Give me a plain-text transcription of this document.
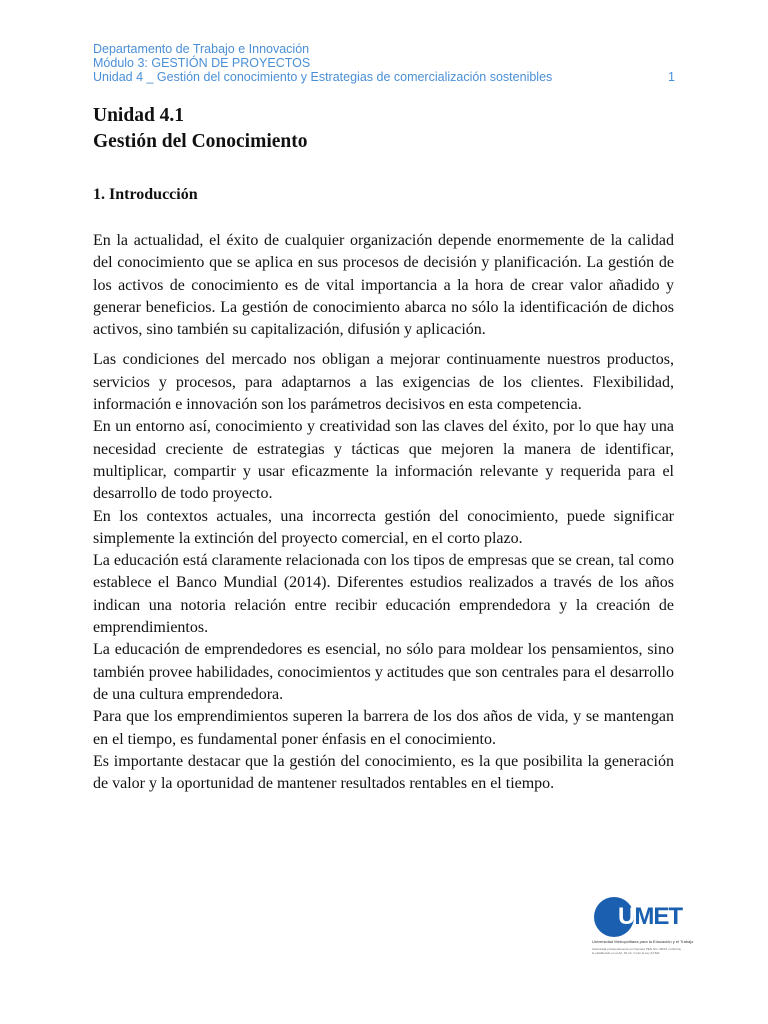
Departamento de Trabajo e Innovación
Módulo 3: GESTIÓN DE PROYECTOS
Unidad 4 _ Gestión del conocimiento y Estrategias de comercialización sostenibles	1
Unidad 4.1
Gestión del Conocimiento
1. Introducción

En la actualidad, el éxito de cualquier organización depende enormemente de la calidad del conocimiento que se aplica en sus procesos de decisión y planificación. La gestión de los activos de conocimiento es de vital importancia a la hora de crear valor añadido y generar beneficios. La gestión de conocimiento abarca no sólo la identificación de dichos activos, sino también su capitalización, difusión y aplicación.

Las condiciones del mercado nos obligan a mejorar continuamente nuestros productos, servicios y procesos, para adaptarnos a las exigencias de los clientes. Flexibilidad, información e innovación son los parámetros decisivos en esta competencia.

En un entorno así, conocimiento y creatividad son las claves del éxito, por lo que hay una necesidad creciente de estrategias y tácticas que mejoren la manera de identificar, multiplicar, compartir y usar eficazmente la información relevante y requerida para el desarrollo de todo proyecto.

En los contextos actuales, una incorrecta gestión del conocimiento, puede significar simplemente la extinción del proyecto comercial, en el corto plazo.

La educación está claramente relacionada con los tipos de empresas que se crean, tal como establece el Banco Mundial (2014). Diferentes estudios realizados a través de los años indican una notoria relación entre recibir educación emprendedora y la creación de emprendimientos.

La educación de emprendedores es esencial, no sólo para moldear los pensamientos, sino también provee habilidades, conocimientos y actitudes que son centrales para el desarrollo de una cultura emprendedora.

Para que los emprendimientos superen la barrera de los dos años de vida, y se mantengan en el tiempo, es fundamental poner énfasis en el conocimiento.

Es importante destacar que la gestión del conocimiento, es la que posibilita la generación de valor y la oportunidad de mantener resultados rentables en el tiempo.

UMET
Universidad Metropolitana para la Educación y el Trabajo
Autorizada provisoriamente por Decreto PEN Nro. 68/13, conforme lo establecido en el Art. 64 inc. C) de la Ley 24.521
